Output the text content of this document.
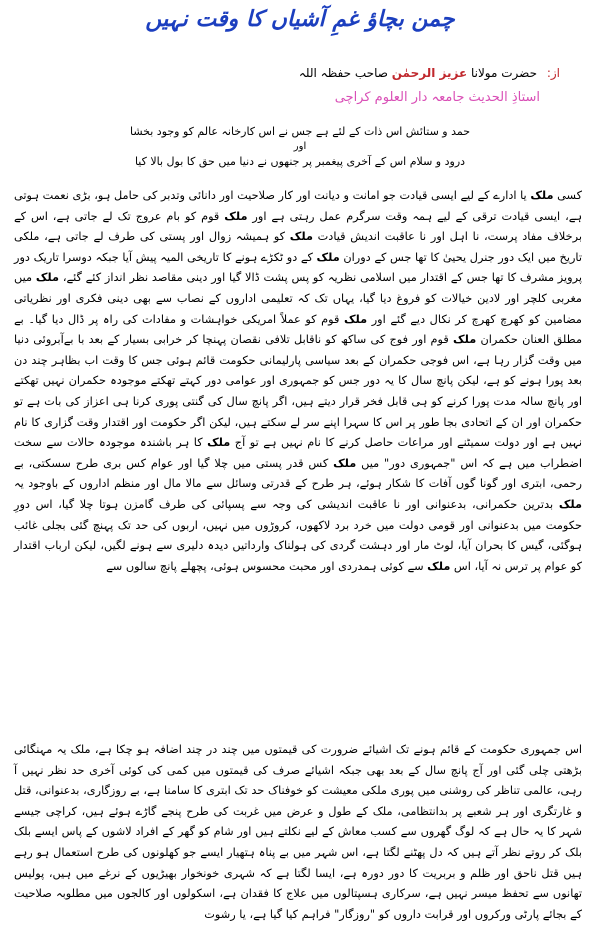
چمن بچاؤ غمِ آشیاں کا وقت نہیں
از: حضرت مولانا عزیز الرحمٰن صاحب حفظہ اللہ
استاذِ الحدیث جامعہ دار العلوم کراچی
حمد و ستائش اس ذات کے لئے ہے جس نے اس کارخانہ عالم کو وجود بخشا
اور
درود و سلام اس کے آخری پیغمبر پر جنھوں نے دنیا میں حق کا بول بالا کیا

کسی ملک یا ادارے کے لیے ایسی قیادت جو امانت و دیانت اور کار صلاحیت اور دانائی وتدبر کی حامل ہو، بڑی نعمت ہوتی ہے، ایسی قیادت ترقی کے لیے ہمہ وقت سرگرم عمل رہتی ہے اور ملک قوم کو بام عروج تک لے جاتی ہے، اس کے برخلاف مفاد پرست، نا اہل اور نا عاقبت اندیش قیادت ملک کو ہمیشہ زوال اور پستی کی طرف لے جاتی ہے، ملکی تاریخ میں ایک دور جنرل یحییٰ کا تھا جس کے دوران ملک کے دو ٹکڑے ہونے کا تاریخی المیہ پیش آیا جبکہ دوسرا تاریک دور پرویز مشرف کا تھا جس کے اقتدار میں اسلامی نظریہ کو پس پشت ڈالا گیا اور دینی مقاصد نظر انداز کئے گئے، ملک میں مغربی کلچر اور لادین خیالات کو فروغ دیا گیا، یہاں تک کہ تعلیمی اداروں کے نصاب سے بھی دینی فکری اور نظریاتی مضامین کو کھرچ کھرچ کر نکال دیے گئے اور ملک قوم کو عملاً امریکی خواہشات و مفادات کی راہ پر ڈال دیا گیا۔ بے مطلق العنان حکمران ملک قوم اور فوج کی ساکھ کو ناقابل تلافی نقصان پہنچا کر خرابی بسیار کے بعد با بےآبروئی دنیا میں وقت گزار رہا ہے، اس فوجی حکمران کے بعد سیاسی پارلیمانی حکومت قائم ہوئی جس کا وقت اب بظاہر چند دن بعد پورا ہونے کو ہے، لیکن پانچ سال کا یہ دور جس کو جمہوری اور عوامی دور کہتے تھکتے موجودہ حکمران نہیں تھکتے اور پانچ سالہ مدت پورا کرنے کو ہی قابل فخر قرار دیتے ہیں، اگر پانچ سال کی گنتی پوری کرنا ہی اعزاز کی بات ہے تو حکمران اور ان کے اتحادی بجا طور پر اس کا سہرا اپنے سر لے سکتے ہیں، لیکن اگر حکومت اور اقتدار وقت گزاری کا نام نہیں ہے اور دولت سمیٹنے اور مراعات حاصل کرنے کا نام نہیں ہے تو آج ملک کا ہر باشندہ موجودہ حالات سے سخت اضطراب میں ہے کہ اس "جمہوری دور" میں ملک کس قدر پستی میں چلا گیا اور عوام کس بری طرح سسکتی، بے رحمی، ابتری اور گونا گوں آفات کا شکار ہوئے، ہر طرح کے قدرتی وسائل سے مالا مال اور منظم اداروں کے باوجود یہ ملک بدترین حکمرانی، بدعنوانی اور نا عاقبت اندیشی کی وجہ سے پسپائی کی طرف گامزن ہوتا چلا گیا، اس دورِ حکومت میں بدعنوانی اور قومی دولت میں خرد برد لاکھوں، کروڑوں میں نہیں، اربوں کی حد تک پہنچ گئی بجلی غائب ہوگئی، گیس کا بحران آیا، لوٹ مار اور دہشت گردی کی ہولناک وارداتیں دیدہ دلیری سے ہونے لگیں، لیکن ارباب اقتدار کو عوام پر ترس نہ آیا، اس ملک سے کوئی ہمدردی اور محبت محسوس ہوئی، پچھلے پانچ سالوں سے

اس جمہوری حکومت کے قائم ہونے تک اشیائے ضرورت کی قیمتوں میں چند در چند اضافہ ہو چکا ہے، ملک یہ مہنگائی بڑھتی چلی گئی اور آج پانچ سال کے بعد بھی جبکہ اشیائے صرف کی قیمتوں میں کمی کی کوئی آخری حد نظر نہیں آ رہی، عالمی تناظر کی روشنی میں پوری ملکی معیشت کو خوفناک حد تک ابتری کا سامنا ہے، بے روزگاری، بدعنوانی، قتل و غارتگری اور ہر شعبے پر بدانتظامی، ملک کے طول و عرض میں غربت کی طرح پنجے گاڑے ہوئے ہیں، کراچی جیسے شہر کا یہ حال ہے کہ لوگ گھروں سے کسب معاش کے لیے نکلتے ہیں اور شام کو گھر کے افراد لاشوں کے پاس ایسے بلک بلک کر روتے نظر آتے ہیں کہ دل پھٹنے لگتا ہے، اس شہر میں بے پناہ ہتھیار ایسے جو کھلونوں کی طرح استعمال ہو رہے ہیں قتل ناحق اور ظلم و بربریت کا دور دورہ ہے، ایسا لگتا ہے کہ شہری خونخوار بھیڑیوں کے نرغے میں ہیں، پولیس تھانوں سے تحفظ میسر نہیں ہے، سرکاری ہسپتالوں میں علاج کا فقدان ہے، اسکولوں اور کالجوں میں مطلوبہ صلاحیت کے بجائے پارٹی ورکروں اور قرابت داروں کو "روزگار" فراہم کیا گیا ہے، یا رشوت
